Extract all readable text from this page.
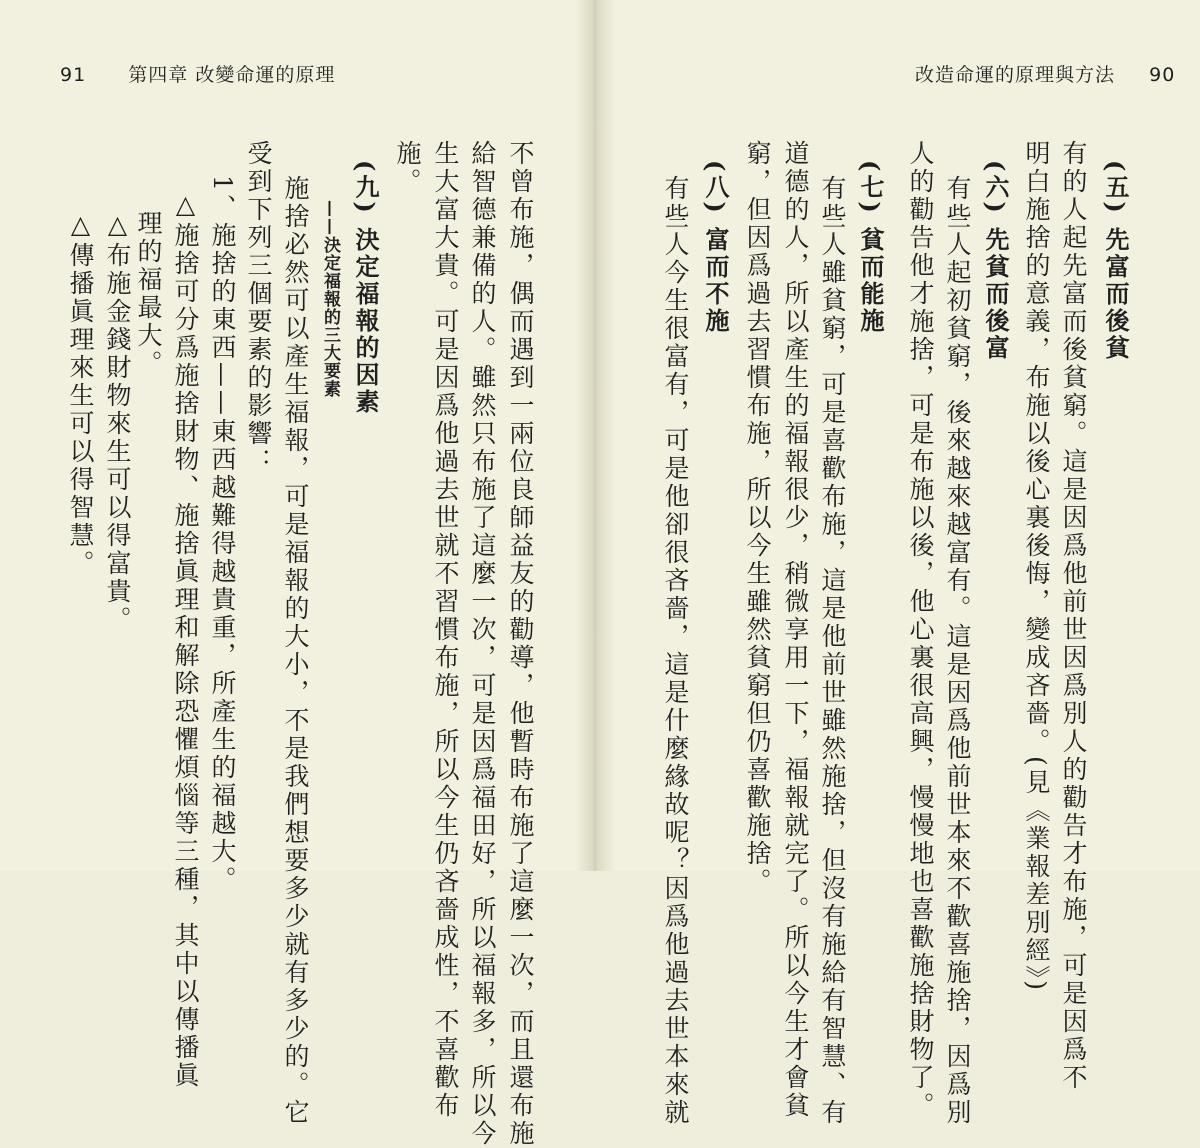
91 第四章 改變命運的原理	改造命運的原理與方法 90
(五) 先富而後貧
有的人起先富而後貧窮。這是因爲他前世因爲別人的勸告才布施，可是因爲不
明白施捨的意義，布施以後心裏後悔，變成吝嗇。(見《業報差別經》)
(六) 先貧而後富
有些人起初貧窮，後來越來越富有。這是因爲他前世本來不歡喜施捨，因爲別
人的勸告他才施捨，可是布施以後，他心裏很高興，慢慢地也喜歡施捨財物了。
(七) 貧而能施
有些人雖貧窮，可是喜歡布施，這是他前世雖然施捨，但沒有施給有智慧、有
道德的人，所以產生的福報很少，稍微享用一下，福報就完了。所以今生才會貧
窮，但因爲過去習慣布施，所以今生雖然貧窮但仍喜歡施捨。
(八) 富而不施
有些人今生很富有，可是他卻很吝嗇，這是什麼緣故呢？因爲他過去世本來就
不曾布施，偶而遇到一兩位良師益友的勸導，他暫時布施了這麼一次，而且還布施
給智德兼備的人。雖然只布施了這麼一次，可是因爲福田好，所以福報多，所以今
生大富大貴。可是因爲他過去世就不習慣布施，所以今生仍吝嗇成性，不喜歡布
施。
(九) 決定福報的因素
——決定福報的三大要素
施捨必然可以產生福報，可是福報的大小，不是我們想要多少就有多少的。它
受到下列三個要素的影響：
1、施捨的東西——東西越難得越貴重，所產生的福越大。
△施捨可分爲施捨財物、施捨眞理和解除恐懼煩惱等三種，其中以傳播眞
理的福最大。
△布施金錢財物來生可以得富貴。
△傳播眞理來生可以得智慧。
